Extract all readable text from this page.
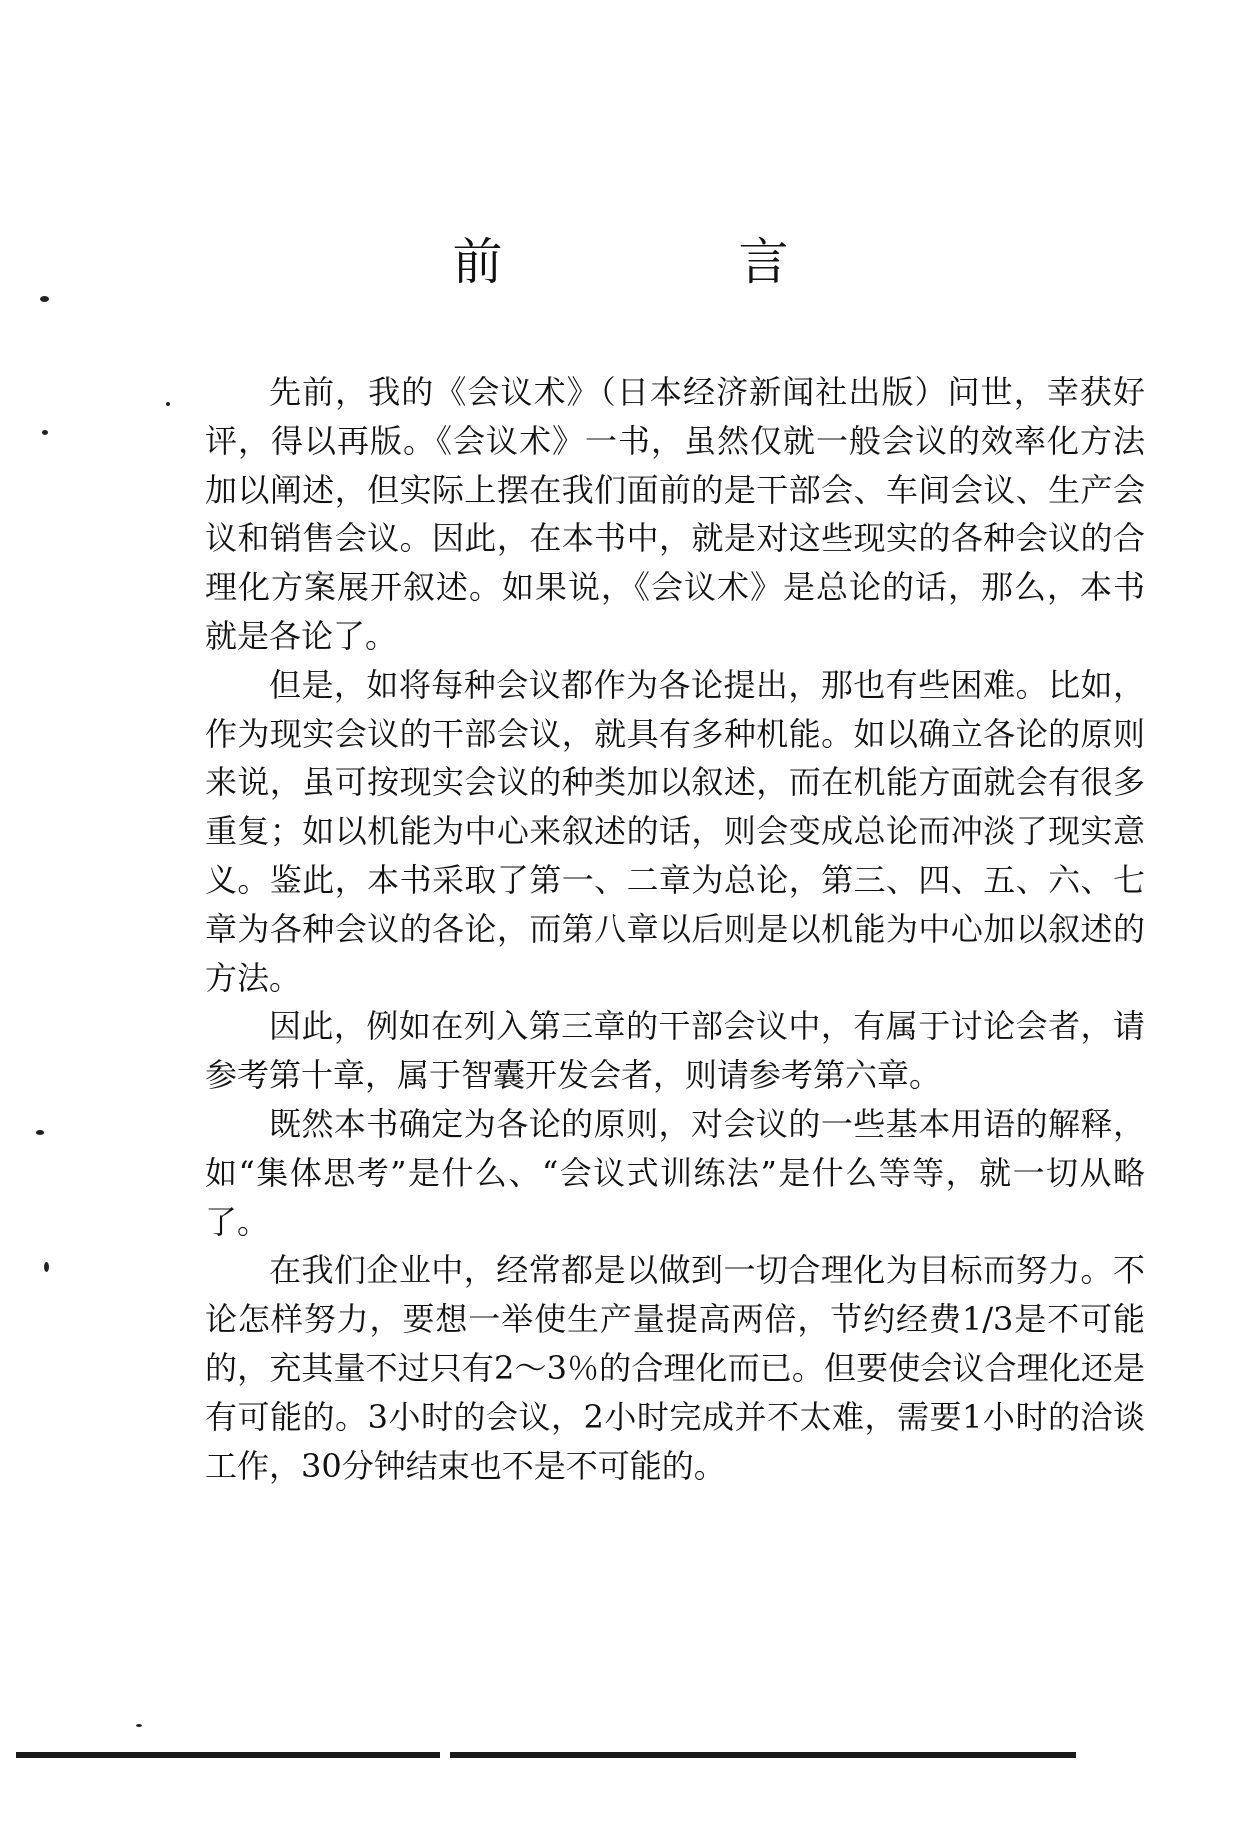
前 言

先前，我的《会议术》（日本经济新闻社出版）问世，幸获好评，得以再版。《会议术》一书，虽然仅就一般会议的效率化方法加以阐述，但实际上摆在我们面前的是干部会、车间会议、生产会议和销售会议。因此，在本书中，就是对这些现实的各种会议的合理化方案展开叙述。如果说，《会议术》是总论的话，那么，本书就是各论了。

但是，如将每种会议都作为各论提出，那也有些困难。比如，作为现实会议的干部会议，就具有多种机能。如以确立各论的原则来说，虽可按现实会议的种类加以叙述，而在机能方面就会有很多重复；如以机能为中心来叙述的话，则会变成总论而冲淡了现实意义。鉴此，本书采取了第一、二章为总论，第三、四、五、六、七章为各种会议的各论，而第八章以后则是以机能为中心加以叙述的方法。

因此，例如在列入第三章的干部会议中，有属于讨论会者，请参考第十章，属于智囊开发会者，则请参考第六章。

既然本书确定为各论的原则，对会议的一些基本用语的解释，如“集体思考”是什么、“会议式训练法”是什么等等，就一切从略了。

在我们企业中，经常都是以做到一切合理化为目标而努力。不论怎样努力，要想一举使生产量提高两倍，节约经费1/3是不可能的，充其量不过只有2～3％的合理化而已。但要使会议合理化还是有可能的。3小时的会议，2小时完成并不太难，需要1小时的洽谈工作，30分钟结束也不是不可能的。
